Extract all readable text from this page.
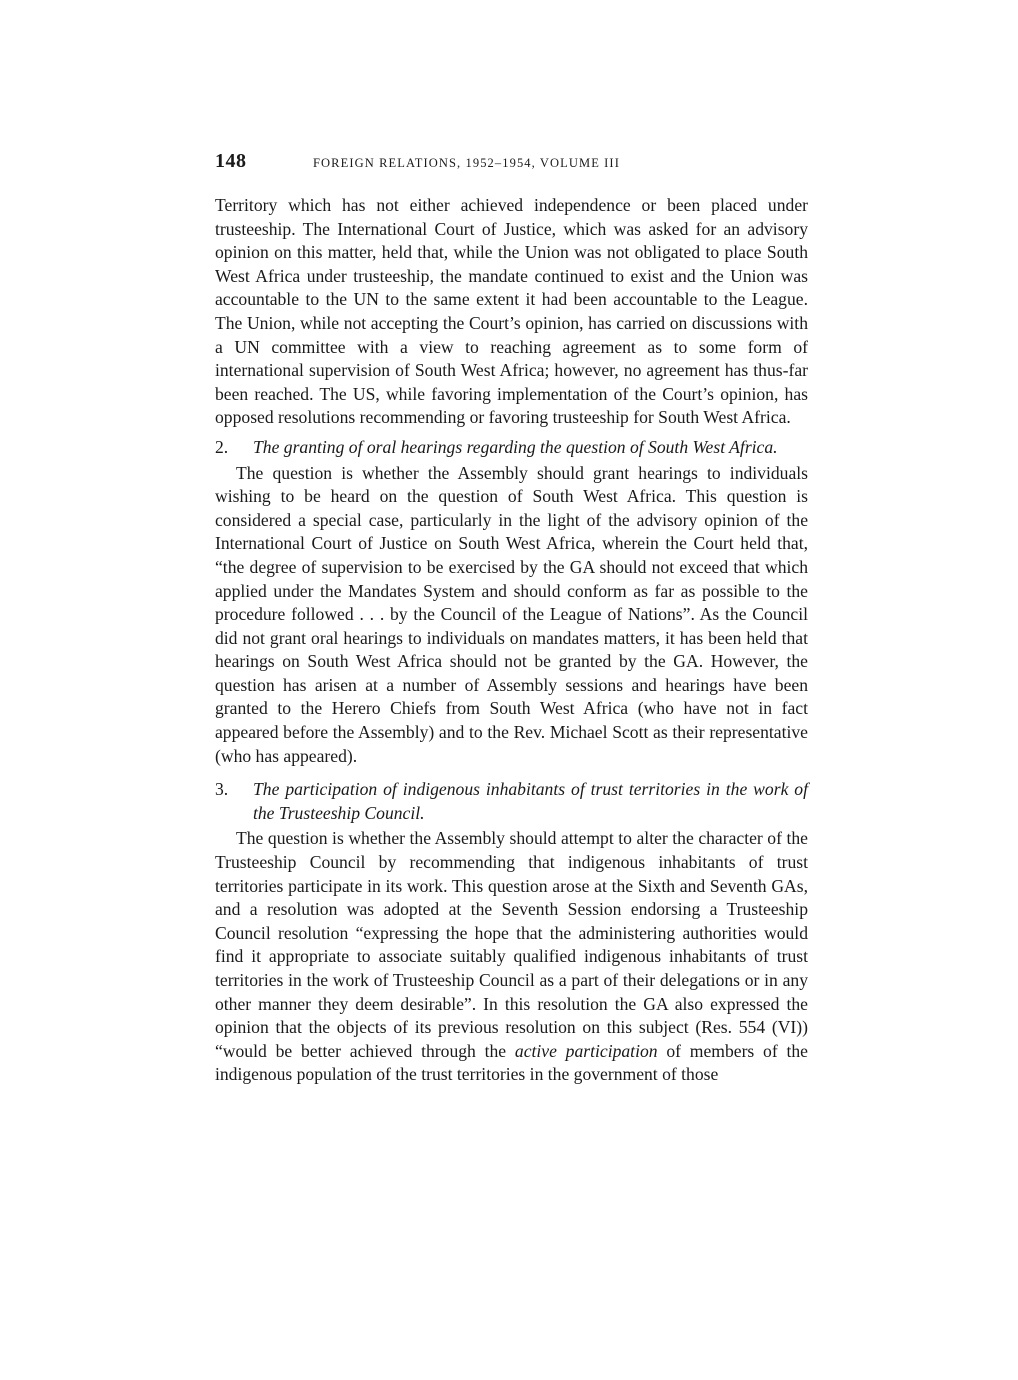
148	FOREIGN RELATIONS, 1952–1954, VOLUME III

Territory which has not either achieved independence or been placed under trusteeship. The International Court of Justice, which was asked for an advisory opinion on this matter, held that, while the Union was not obligated to place South West Africa under trusteeship, the mandate continued to exist and the Union was accountable to the UN to the same extent it had been accountable to the League. The Union, while not accepting the Court’s opinion, has carried on discussions with a UN committee with a view to reaching agreement as to some form of international supervision of South West Africa; however, no agreement has thus-far been reached. The US, while favoring implementation of the Court’s opinion, has opposed resolutions recommending or favoring trusteeship for South West Africa.

2. The granting of oral hearings regarding the question of South West Africa.

The question is whether the Assembly should grant hearings to individuals wishing to be heard on the question of South West Africa. This question is considered a special case, particularly in the light of the advisory opinion of the International Court of Justice on South West Africa, wherein the Court held that, “the degree of supervision to be exercised by the GA should not exceed that which applied under the Mandates System and should conform as far as possible to the procedure followed . . . by the Council of the League of Nations”. As the Council did not grant oral hearings to individuals on mandates matters, it has been held that hearings on South West Africa should not be granted by the GA. However, the question has arisen at a number of Assembly sessions and hearings have been granted to the Herero Chiefs from South West Africa (who have not in fact appeared before the Assembly) and to the Rev. Michael Scott as their representative (who has appeared).

3. The participation of indigenous inhabitants of trust territories in the work of the Trusteeship Council.

The question is whether the Assembly should attempt to alter the character of the Trusteeship Council by recommending that indigenous inhabitants of trust territories participate in its work. This question arose at the Sixth and Seventh GAs, and a resolution was adopted at the Seventh Session endorsing a Trusteeship Council resolution “expressing the hope that the administering authorities would find it appropriate to associate suitably qualified indigenous inhabitants of trust territories in the work of Trusteeship Council as a part of their delegations or in any other manner they deem desirable”. In this resolution the GA also expressed the opinion that the objects of its previous resolution on this subject (Res. 554 (VI)) “would be better achieved through the active participation of members of the indigenous population of the trust territories in the government of those
